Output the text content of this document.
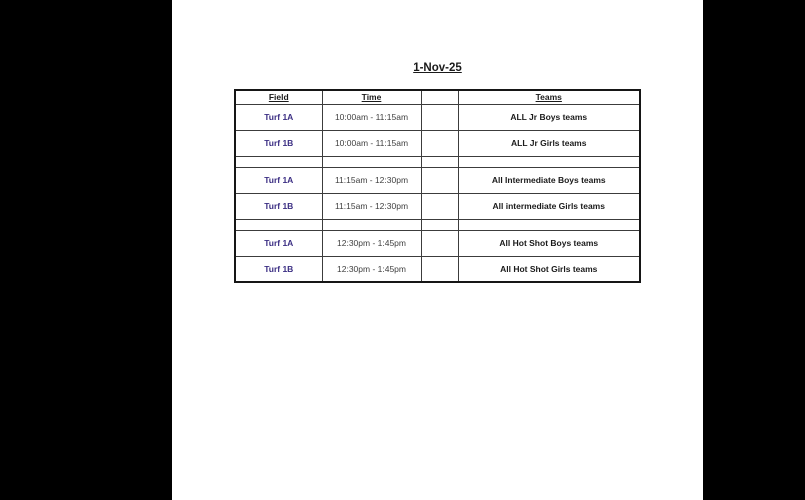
1-Nov-25
Field	Time		Teams
Turf 1A	10:00am - 11:15am		ALL Jr Boys teams
Turf 1B	10:00am - 11:15am		ALL Jr Girls teams

Turf 1A	11:15am - 12:30pm		All Intermediate Boys teams
Turf 1B	11:15am - 12:30pm		All intermediate Girls teams

Turf 1A	12:30pm - 1:45pm		All Hot Shot Boys teams
Turf 1B	12:30pm - 1:45pm		All Hot Shot Girls teams
